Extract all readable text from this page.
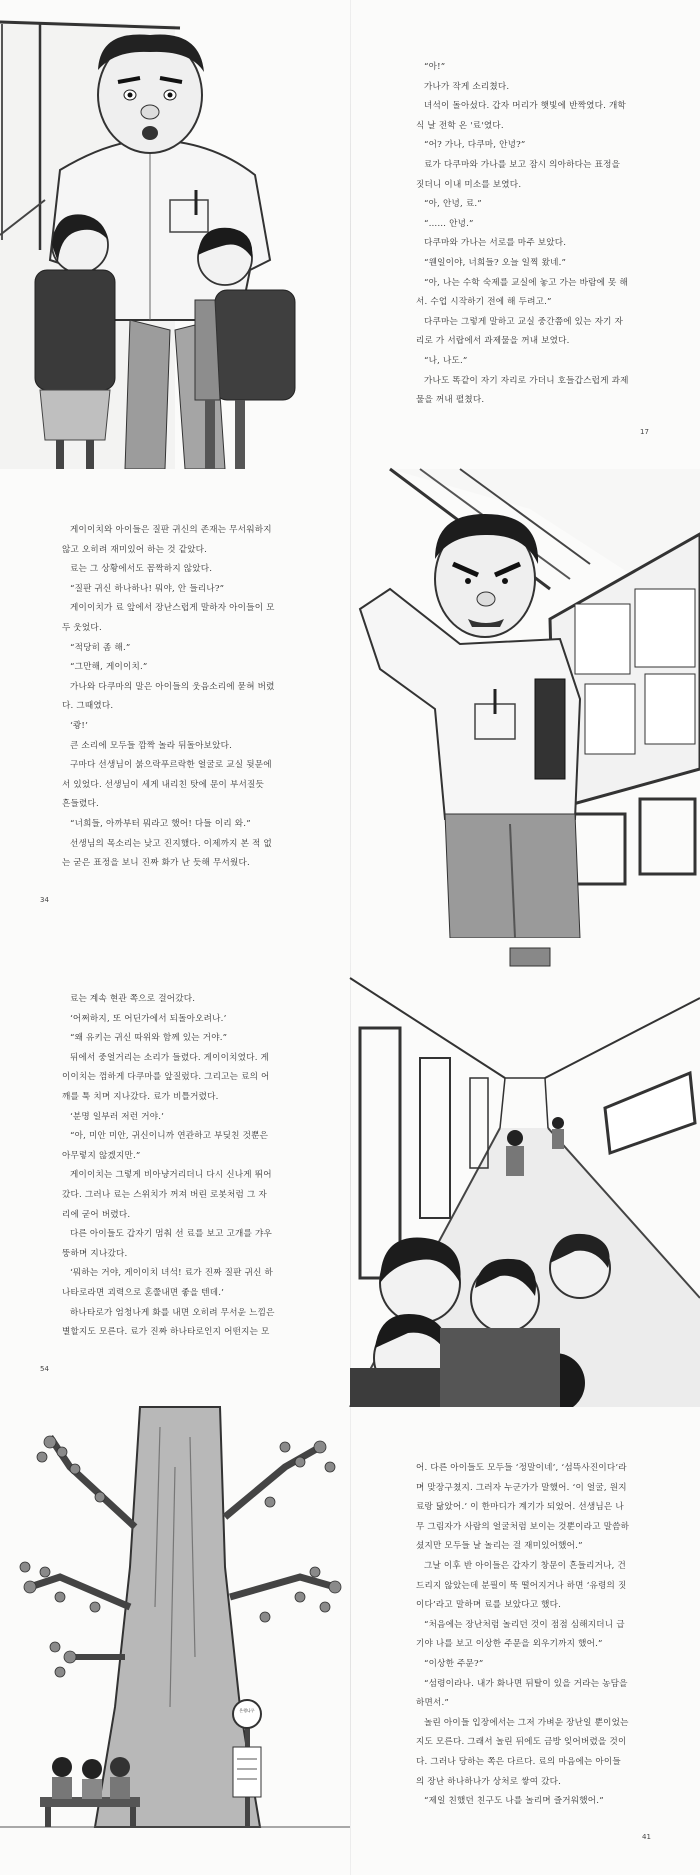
“아!”

가나가 작게 소리쳤다.

녀석이 돌아섰다. 갑자 머리가 햇빛에 반짝였다. 개학

식 날 전학 온 '료'였다.

“어? 가나, 다쿠마, 안녕?”

료가 다쿠마와 가나를 보고 잠시 의아하다는 표정을

짓더니 이내 미소를 보였다.

“아, 안녕, 료.”

“…… 안녕.”

다쿠마와 가나는 서로를 마주 보았다.

“웬일이야, 너희들? 오늘 일찍 왔네.”

“아, 나는 수학 숙제를 교실에 놓고 가는 바람에 못 해

서. 수업 시작하기 전에 해 두려고.”

다쿠마는 그렇게 말하고 교실 중간쯤에 있는 자기 자

리로 가 서랍에서 과제물을 꺼내 보였다.

“나, 나도.”

가나도 똑같이 자기 자리로 가더니 호들갑스럽게 과제

물을 꺼내 펼쳤다.

17

게이이치와 아이들은 질판 귀신의 존재는 무서워하지

않고 오히려 재미있어 하는 것 같았다.

료는 그 상황에서도 꼼짝하지 않았다.

“질판 귀신 하나하나! 뭐야, 안 들리나?”

게이이치가 료 앞에서 장난스럽게 말하자 아이들이 모

두 웃었다.

“적당히 좀 해.”

“그만해, 게이이치.”

가나와 다쿠마의 말은 아이들의 웃음소리에 묻혀 버렸

다. 그때였다.

‘쾅!’

큰 소리에 모두들 깜짝 놀라 뒤돌아보았다.

구마다 선생님이 붉으락푸르락한 얼굴로 교실 뒷문에

서 있었다. 선생님이 세게 내리친 탓에 문이 부서질듯

흔들렸다.

“너희들, 아까부터 뭐라고 했어! 다들 이리 와.”

선생님의 목소리는 낮고 진지했다. 이제까지 본 적 없

는 굳은 표정을 보니 진짜 화가 난 듯해 무서웠다.

34

료는 계속 현관 쪽으로 걸어갔다.

‘어쩌하지, 또 어딘가에서 되돌아오려나.’

“왜 유키는 귀신 따위와 함께 있는 거야.”

뒤에서 중얼거리는 소리가 들렸다. 게이이치였다. 게

이이치는 껌하게 다쿠마를 앞질렀다. 그리고는 료의 어

깨를 툭 치며 지나갔다. 료가 비틀거렸다.

‘분명 일부러 저런 거야.’

“아, 미안 미안, 귀신이니까 연관하고 부딪친 것뿐은

아무렇지 않겠지만.”

게이이치는 그렇게 비아냥거리더니 다시 신나게 뛰어

갔다. 그러나 료는 스위치가 꺼져 버린 로봇처럼 그 자

리에 굳어 버렸다.

다른 아이들도 갑자기 멈춰 선 료를 보고 고개를 갸우

뚱하며 지나갔다.

‘뭐하는 거야, 게이이치 녀석! 료가 진짜 질판 귀신 하

나타로라면 괴력으로 혼쭐내면 좋을 텐데.’

하나타로가 엄청나게 화를 내면 오히려 무서운 느낌은

별할지도 모른다. 료가 진짜 하나타로인지 어떤지는 모

54
은행나무

어. 다른 아이들도 모두들 ‘정말이네’, ‘섬뜩사진이다’라

며 맞장구쳤지. 그러자 누군가가 말했어. ‘이 얼굴, 원지

료랑 닮았어.’ 이 한마디가 계기가 되었어. 선생님은 나

무 그림자가 사람의 얼굴처럼 보이는 것뿐이라고 말씀하

셨지만 모두들 날 놀리는 걸 재미있어했어.”

그날 이후 반 아이들은 갑자기 창문이 흔들리거나, 건

드리지 않았는데 분필이 뚝 떨어지거나 하면 ‘유령의 짓

이다’라고 말하며 료를 보았다고 했다.

“처음에는 장난처럼 놀리던 것이 점점 심해지더니 급

기야 나를 보고 이상한 주문을 외우기까지 했어.”

“이상한 주문?”

“섬령이라나. 내가 화나면 뒤탈이 있을 거라는 농담을

하면서.”

놀린 아이들 입장에서는 그저 가벼운 장난일 뿐이었는

지도 모른다. 그래서 놀린 뒤에도 금방 잊어버렸을 것이

다. 그러나 당하는 쪽은 다르다. 료의 마음에는 아이들

의 장난 하나하나가 상처로 쌓여 갔다.

“제일 친했던 친구도 나를 놀리며 즐거워했어.”

41
